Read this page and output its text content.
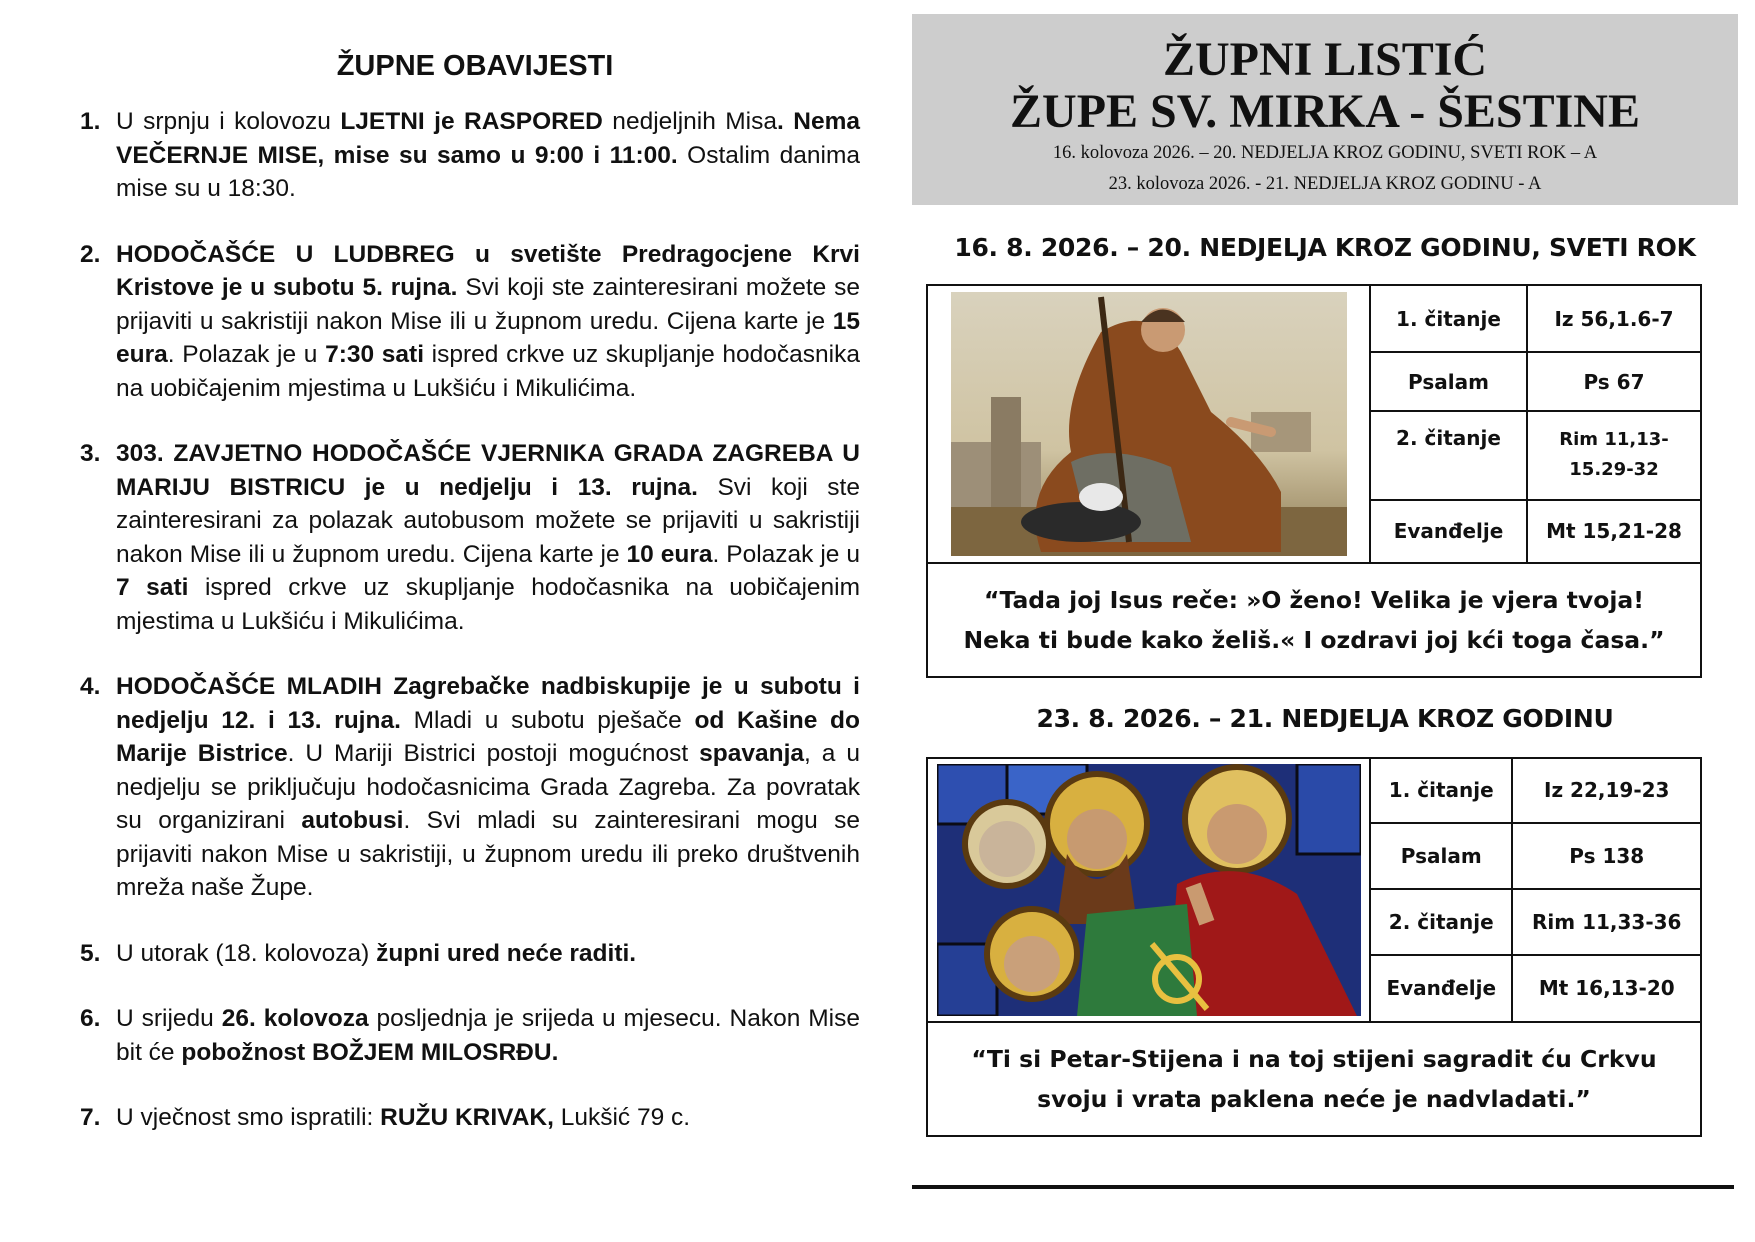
ŽUPNE OBAVIJESTI
1. U srpnju i kolovozu LJETNI je RASPORED nedjeljnih Misa. Nema VEČERNJE MISE, mise su samo u 9:00 i 11:00. Ostalim danima mise su u 18:30.
2. HODOČAŠĆE U LUDBREG u svetište Predragocjene Krvi Kristove je u subotu 5. rujna. Svi koji ste zainteresirani možete se prijaviti u sakristiji nakon Mise ili u župnom uredu. Cijena karte je 15 eura. Polazak je u 7:30 sati ispred crkve uz skupljanje hodočasnika na uobičajenim mjestima u Lukšiću i Mikulićima.
3. 303. ZAVJETNO HODOČAŠĆE VJERNIKA GRADA ZAGREBA U MARIJU BISTRICU je u nedjelju i 13. rujna. Svi koji ste zainteresirani za polazak autobusom možete se prijaviti u sakristiji nakon Mise ili u župnom uredu. Cijena karte je 10 eura. Polazak je u 7 sati ispred crkve uz skupljanje hodočasnika na uobičajenim mjestima u Lukšiću i Mikulićima.
4. HODOČAŠĆE MLADIH Zagrebačke nadbiskupije je u subotu i nedjelju 12. i 13. rujna. Mladi u subotu pješače od Kašine do Marije Bistrice. U Mariji Bistrici postoji mogućnost spavanja, a u nedjelju se priključuju hodočasnicima Grada Zagreba. Za povratak su organizirani autobusi. Svi mladi su zainteresirani mogu se prijaviti nakon Mise u sakristiji, u župnom uredu ili preko društvenih mreža naše Župe.
5. U utorak (18. kolovoza) župni ured neće raditi.
6. U srijedu 26. kolovoza posljednja je srijeda u mjesecu. Nakon Mise bit će pobožnost BOŽJEM MILOSRĐU.
7. U vječnost smo ispratili: RUŽU KRIVAK, Lukšić 79 c.
ŽUPNI LISTIĆ
ŽUPE SV. MIRKA - ŠESTINE
16. kolovoza 2026. – 20. NEDJELJA KROZ GODINU, SVETI ROK – A
23. kolovoza 2026. - 21. NEDJELJA KROZ GODINU - A
16. 8. 2026. – 20. NEDJELJA KROZ GODINU, SVETI ROK
1. čitanje	Iz 56,1.6-7
Psalam	Ps 67
2. čitanje	Rim 11,13-15.29-32
Evanđelje	Mt 15,21-28
“Tada joj Isus reče: »O ženo! Velika je vjera tvoja! Neka ti bude kako želiš.« I ozdravi joj kći toga časa.”
23. 8. 2026. – 21. NEDJELJA KROZ GODINU
1. čitanje	Iz 22,19-23
Psalam	Ps 138
2. čitanje	Rim 11,33-36
Evanđelje	Mt 16,13-20
“Ti si Petar-Stijena i na toj stijeni sagradit ću Crkvu svoju i vrata paklena neće je nadvladati.”
